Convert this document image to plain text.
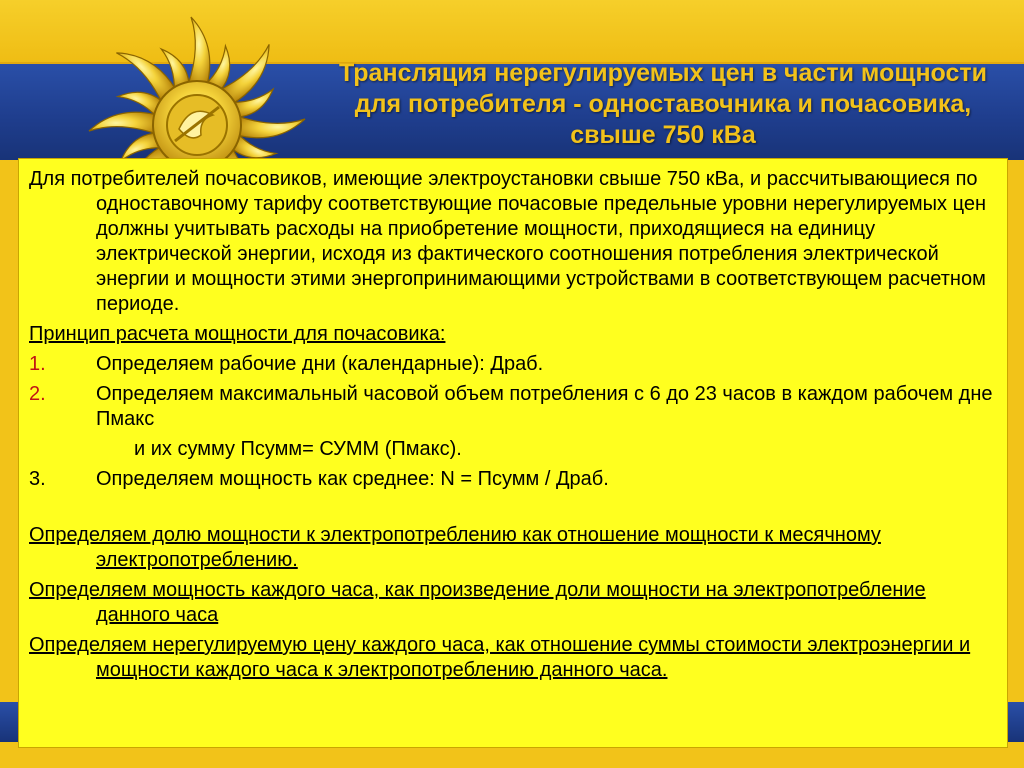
Трансляция нерегулируемых цен в части мощности для потребителя - одноставочника и почасовика, свыше 750 кВа

Для потребителей почасовиков, имеющие электроустановки свыше 750 кВа, и рассчитывающиеся по одноставочному тарифу соответствующие почасовые предельные уровни нерегулируемых цен должны учитывать расходы на приобретение мощности, приходящиеся на единицу электрической энергии, исходя из фактического соотношения потребления электрической энергии и мощности этими энергопринимающими устройствами в соответствующем расчетном периоде.

Принцип расчета мощности для почасовика:

1.	Определяем рабочие дни (календарные): Драб.
2.	Определяем максимальный часовой объем потребления с 6 до 23 часов в каждом рабочем дне Пмакс
и их сумму Псумм= СУММ (Пмакс).
3.	Определяем мощность как среднее: N = Псумм / Драб.

Определяем долю мощности к электропотреблению как отношение мощности к месячному электропотреблению.

Определяем мощность каждого часа, как произведение доли мощности на электропотребление данного часа

Определяем нерегулируемую цену каждого часа, как отношение суммы стоимости электроэнергии и мощности каждого часа к электропотреблению данного часа.
